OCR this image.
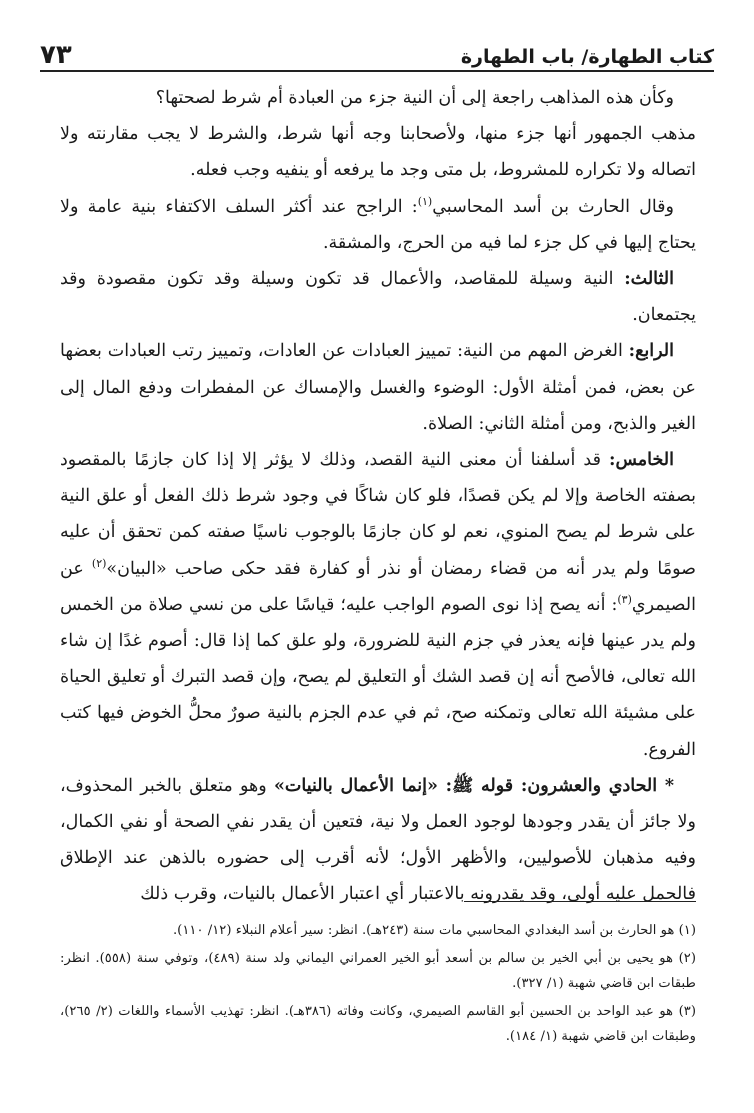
كتاب الطهارة/ باب الطهارة
٧٣

وكأن هذه المذاهب راجعة إلى أن النية جزء من العبادة أم شرط لصحتها؟

مذهب الجمهور أنها جزء منها، ولأصحابنا وجه أنها شرط، والشرط لا يجب مقارنته ولا اتصاله ولا تكراره للمشروط، بل متى وجد ما يرفعه أو ينفيه وجب فعله.

وقال الحارث بن أسد المحاسبي$^{(١)}$: الراجح عند أكثر السلف الاكتفاء بنية عامة ولا يحتاج إليها في كل جزء لما فيه من الحرج، والمشقة.

الثالث: النية وسيلة للمقاصد، والأعمال قد تكون وسيلة وقد تكون مقصودة وقد يجتمعان.

الرابع: الغرض المهم من النية: تمييز العبادات عن العادات، وتمييز رتب العبادات بعضها عن بعض، فمن أمثلة الأول: الوضوء والغسل والإمساك عن المفطرات ودفع المال إلى الغير والذبح، ومن أمثلة الثاني: الصلاة.

الخامس: قد أسلفنا أن معنى النية القصد، وذلك لا يؤثر إلا إذا كان جازمًا بالمقصود بصفته الخاصة وإلا لم يكن قصدًا، فلو كان شاكًا في وجود شرط ذلك الفعل أو علق النية على شرط لم يصح المنوي، نعم لو كان جازمًا بالوجوب ناسيًا صفته كمن تحقق أن عليه صومًا ولم يدر أنه من قضاء رمضان أو نذر أو كفارة فقد حكى صاحب «البيان»$^{(٢)}$ عن الصيمري$^{(٣)}$: أنه يصح إذا نوى الصوم الواجب عليه؛ قياسًا على من نسي صلاة من الخمس ولم يدر عينها فإنه يعذر في جزم النية للضرورة، ولو علق كما إذا قال: أصوم غدًا إن شاء الله تعالى، فالأصح أنه إن قصد الشك أو التعليق لم يصح، وإن قصد التبرك أو تعليق الحياة على مشيئة الله تعالى وتمكنه صح، ثم في عدم الجزم بالنية صورٌ محلُّ الخوض فيها كتب الفروع.

* الحادي والعشرون: قوله ﷺ: «إنما الأعمال بالنيات» وهو متعلق بالخبر المحذوف، ولا جائز أن يقدر وجودها لوجود العمل ولا نية، فتعين أن يقدر نفي الصحة أو نفي الكمال، وفيه مذهبان للأصوليين، والأظهر الأول؛ لأنه أقرب إلى حضوره بالذهن عند الإطلاق فالحمل عليه أولى، وقد يقدرونه بالاعتبار أي اعتبار الأعمال بالنيات، وقرب ذلك

(١) هو الحارث بن أسد البغدادي المحاسبي مات سنة (٢٤٣هـ). انظر: سير أعلام النبلاء (١٢/ ١١٠).

(٢) هو يحيى بن أبي الخير بن سالم بن أسعد أبو الخير العمراني اليماني ولد سنة (٤٨٩)، وتوفي سنة (٥٥٨). انظر: طبقات ابن قاضي شهبة (١/ ٣٢٧).

(٣) هو عبد الواحد بن الحسين أبو القاسم الصيمري، وكانت وفاته (٣٨٦هـ). انظر: تهذيب الأسماء واللغات (٢/ ٢٦٥)، وطبقات ابن قاضي شهبة (١/ ١٨٤).
